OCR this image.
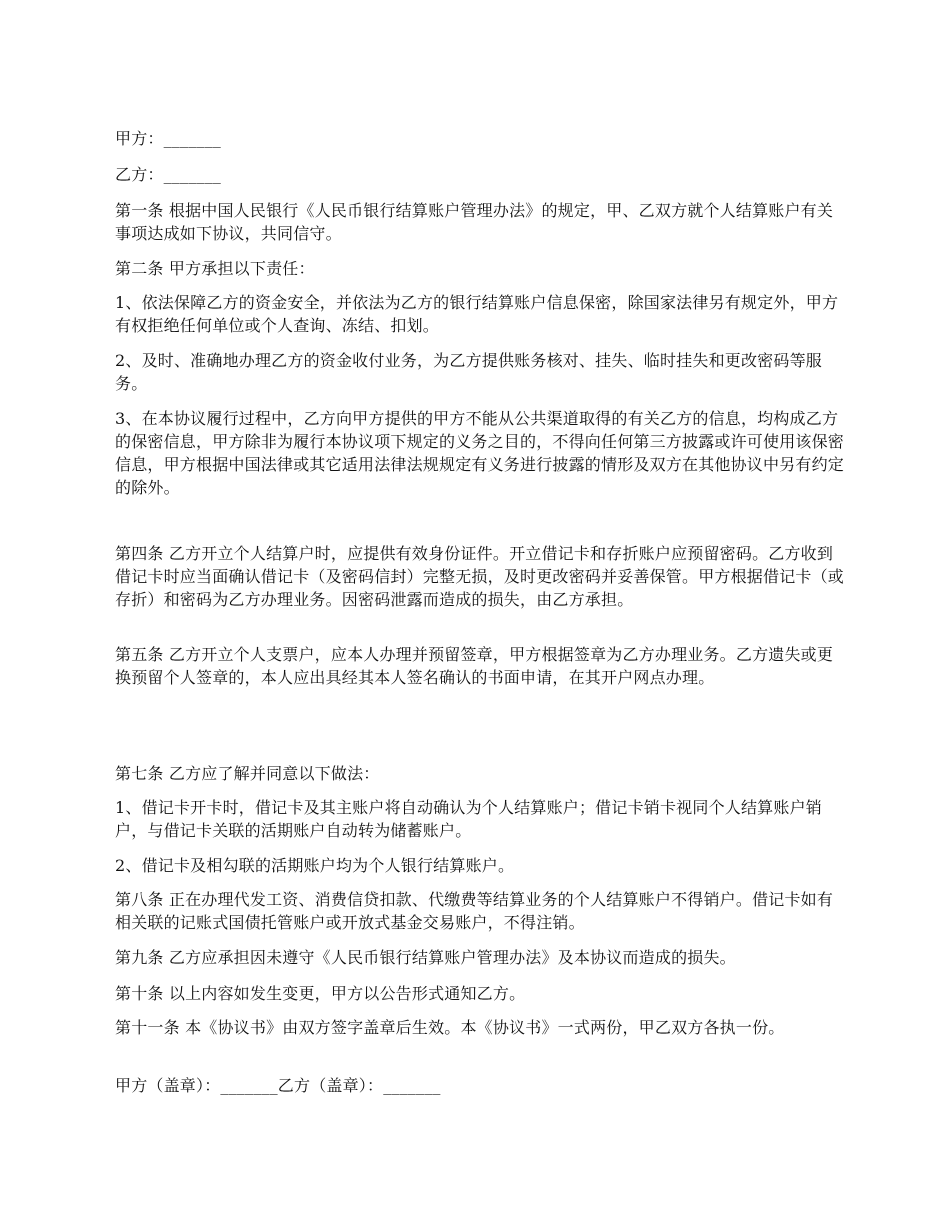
甲方：_______

乙方：_______

第一条 根据中国人民银行《人民币银行结算账户管理办法》的规定，甲、乙双方就个人结算账户有关事项达成如下协议，共同信守。

第二条 甲方承担以下责任：

1、依法保障乙方的资金安全，并依法为乙方的银行结算账户信息保密，除国家法律另有规定外，甲方有权拒绝任何单位或个人查询、冻结、扣划。

2、及时、准确地办理乙方的资金收付业务，为乙方提供账务核对、挂失、临时挂失和更改密码等服务。

3、在本协议履行过程中，乙方向甲方提供的甲方不能从公共渠道取得的有关乙方的信息，均构成乙方的保密信息，甲方除非为履行本协议项下规定的义务之目的，不得向任何第三方披露或许可使用该保密信息，甲方根据中国法律或其它适用法律法规规定有义务进行披露的情形及双方在其他协议中另有约定的除外。

第四条 乙方开立个人结算户时，应提供有效身份证件。开立借记卡和存折账户应预留密码。乙方收到借记卡时应当面确认借记卡（及密码信封）完整无损，及时更改密码并妥善保管。甲方根据借记卡（或存折）和密码为乙方办理业务。因密码泄露而造成的损失，由乙方承担。

第五条 乙方开立个人支票户，应本人办理并预留签章，甲方根据签章为乙方办理业务。乙方遗失或更换预留个人签章的，本人应出具经其本人签名确认的书面申请，在其开户网点办理。

第七条 乙方应了解并同意以下做法：

1、借记卡开卡时，借记卡及其主账户将自动确认为个人结算账户；借记卡销卡视同个人结算账户销户，与借记卡关联的活期账户自动转为储蓄账户。

2、借记卡及相勾联的活期账户均为个人银行结算账户。

第八条 正在办理代发工资、消费信贷扣款、代缴费等结算业务的个人结算账户不得销户。借记卡如有相关联的记账式国债托管账户或开放式基金交易账户，不得注销。

第九条 乙方应承担因未遵守《人民币银行结算账户管理办法》及本协议而造成的损失。

第十条 以上内容如发生变更，甲方以公告形式通知乙方。

第十一条 本《协议书》由双方签字盖章后生效。本《协议书》一式两份，甲乙双方各执一份。

甲方（盖章）：_______乙方（盖章）：_______
